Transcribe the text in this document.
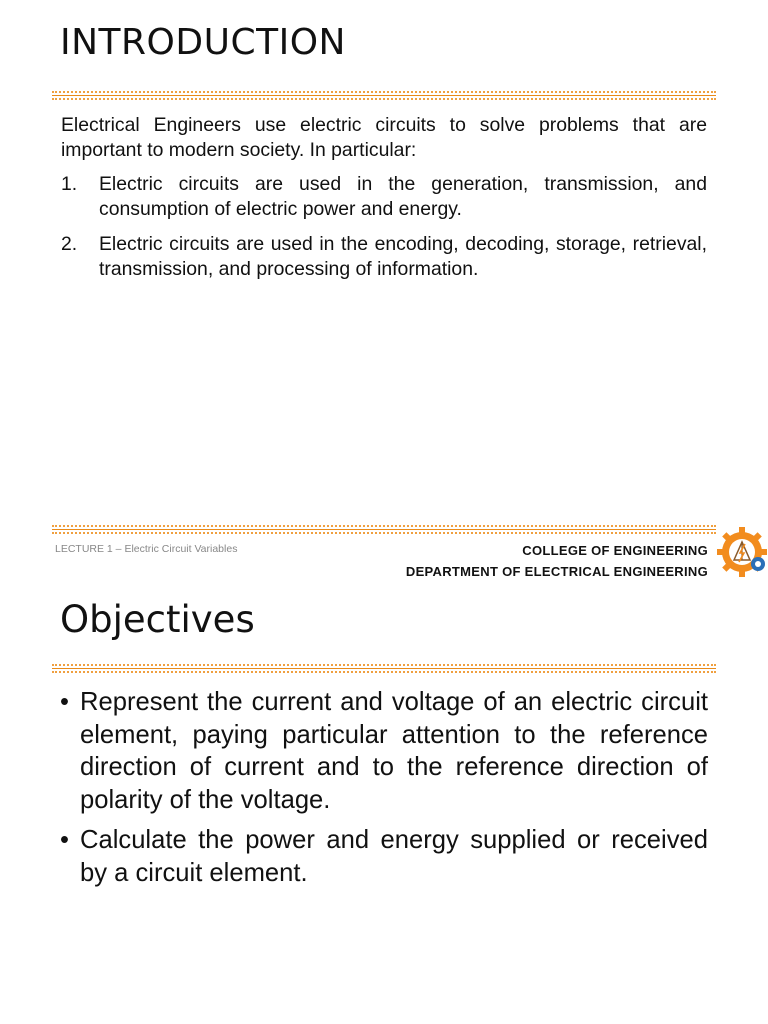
INTRODUCTION

Electrical Engineers use electric circuits to solve problems that are important to modern society. In particular:

1. Electric circuits are used in the generation, transmission, and consumption of electric power and energy.
2. Electric circuits are used in the encoding, decoding, storage, retrieval, transmission, and processing of information.
LECTURE 1 – Electric Circuit Variables	COLLEGE OF ENGINEERING
DEPARTMENT OF ELECTRICAL ENGINEERING
Objectives
• Represent the current and voltage of an electric circuit element, paying particular attention to the reference direction of current and to the reference direction of polarity of the voltage.
• Calculate the power and energy supplied or received by a circuit element.
